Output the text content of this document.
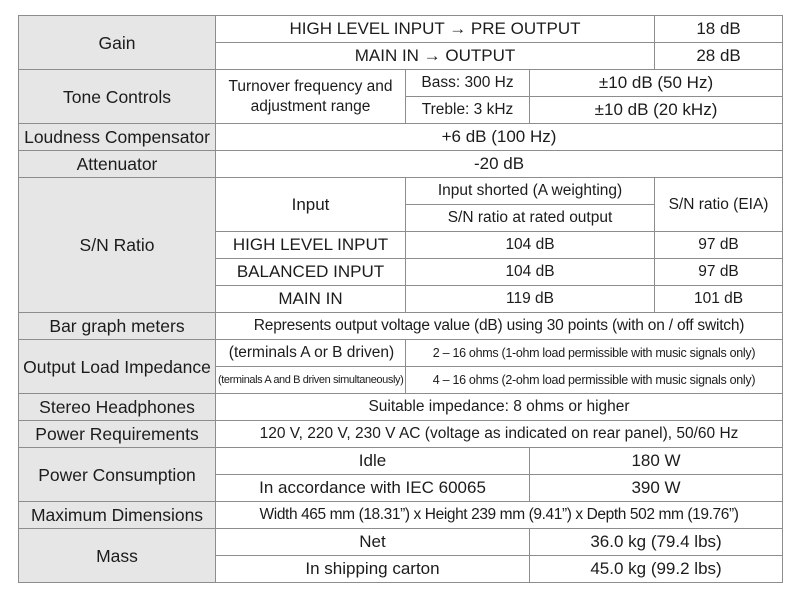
Gain	HIGH LEVEL INPUT → PRE OUTPUT			18 dB
	MAIN IN → OUTPUT			28 dB
Tone Controls	Turnover frequency and adjustment range	Bass: 300 Hz	±10 dB (50 Hz)	
		Treble: 3 kHz	±10 dB (20 kHz)	
Loudness Compensator	+6 dB (100 Hz)			
Attenuator	-20 dB			
S/N Ratio	Input	Input shorted (A weighting)		S/N ratio (EIA)
		S/N ratio at rated output		
	HIGH LEVEL INPUT	104 dB		97 dB
	BALANCED INPUT	104 dB		97 dB
	MAIN IN	119 dB		101 dB
Bar graph meters	Represents output voltage value (dB) using 30 points (with on / off switch)			
Output Load Impedance	(terminals A or B driven)	2 – 16 ohms (1-ohm load permissible with music signals only)		
	(terminals A and B driven simultaneously)	4 – 16 ohms (2-ohm load permissible with music signals only)		
Stereo Headphones	Suitable impedance: 8 ohms or higher			
Power Requirements	120 V, 220 V, 230 V AC (voltage as indicated on rear panel), 50/60 Hz			
Power Consumption	Idle		180 W	
	In accordance with IEC 60065		390 W	
Maximum Dimensions	Width 465 mm (18.31”) x Height 239 mm (9.41”) x Depth 502 mm (19.76”)			
Mass	Net		36.0 kg (79.4 lbs)	
	In shipping carton		45.0 kg (99.2 lbs)	
